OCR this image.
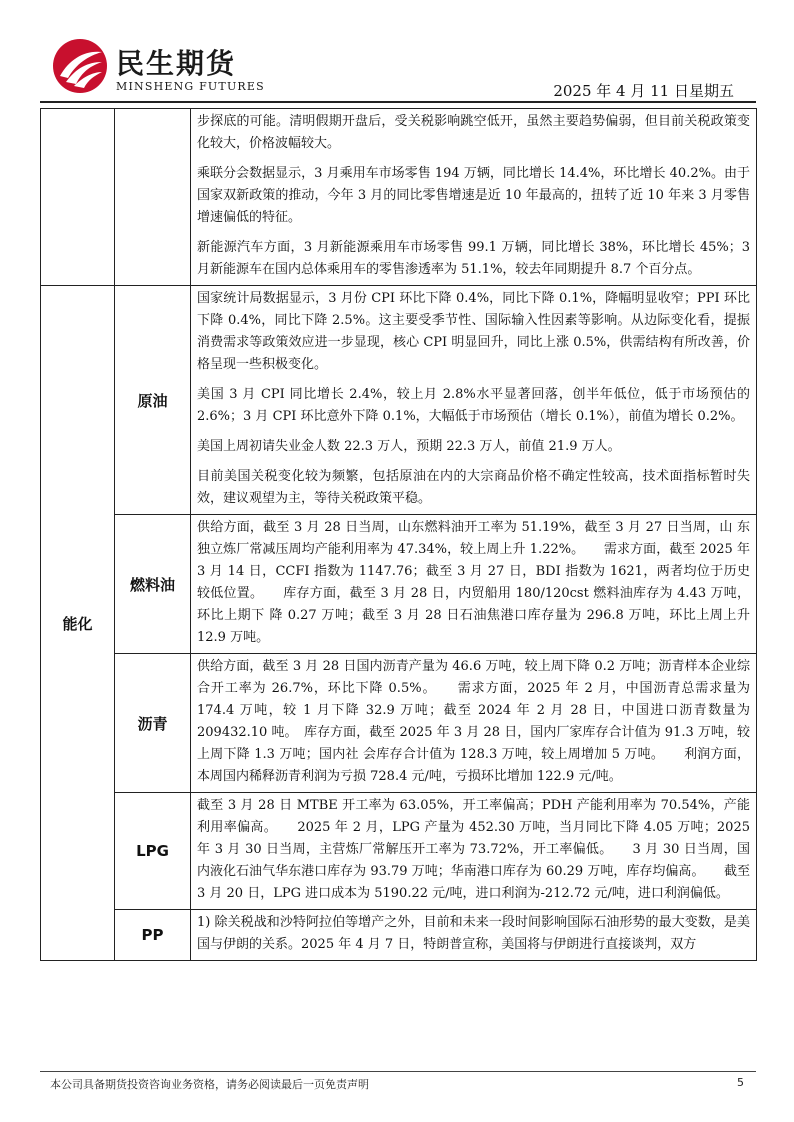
民生期货
MINSHENG FUTURES	2025 年 4 月 11 日星期五

		步探底的可能。清明假期开盘后，受关税影响跳空低开，虽然主要趋势偏弱，但目前关税政策变化较大，价格波幅较大。

乘联分会数据显示，3 月乘用车市场零售 194 万辆，同比增长 14.4%，环比增长 40.2%。由于国家双新政策的推动，今年 3 月的同比零售增速是近 10 年最高的，扭转了近 10 年来 3 月零售增速偏低的特征。

新能源汽车方面，3 月新能源乘用车市场零售 99.1 万辆，同比增长 38%，环比增长 45%；3 月新能源车在国内总体乘用车的零售渗透率为 51.1%，较去年同期提升 8.7 个百分点。

能化	原油	国家统计局数据显示，3 月份 CPI 环比下降 0.4%，同比下降 0.1%，降幅明显收窄；PPI 环比下降 0.4%，同比下降 2.5%。这主要受季节性、国际输入性因素等影响。从边际变化看，提振消费需求等政策效应进一步显现，核心 CPI 明显回升，同比上涨 0.5%，供需结构有所改善，价格呈现一些积极变化。

美国 3 月 CPI 同比增长 2.4%，较上月 2.8%水平显著回落，创半年低位，低于市场预估的 2.6%；3 月 CPI 环比意外下降 0.1%，大幅低于市场预估（增长 0.1%），前值为增长 0.2%。

美国上周初请失业金人数 22.3 万人，预期 22.3 万人，前值 21.9 万人。

目前美国关税变化较为频繁，包括原油在内的大宗商品价格不确定性较高，技术面指标暂时失效，建议观望为主，等待关税政策平稳。

	燃料油	供给方面，截至 3 月 28 日当周，山东燃料油开工率为 51.19%，截至 3 月 27 日当周，山 东独立炼厂常减压周均产能利用率为 47.34%，较上周上升 1.22%。　　需求方面，截至 2025 年 3 月 14 日，CCFI 指数为 1147.76；截至 3 月 27 日，BDI 指数为 1621，两者均位于历史较低位置。　　库存方面，截至 3 月 28 日，内贸船用 180/120cst 燃料油库存为 4.43 万吨，环比上期下 降 0.27 万吨；截至 3 月 28 日石油焦港口库存量为 296.8 万吨，环比上周上升 12.9 万吨。

	沥青	供给方面，截至 3 月 28 日国内沥青产量为 46.6 万吨，较上周下降 0.2 万吨；沥青样本企业综合开工率为 26.7%，环比下降 0.5%。　　需求方面，2025 年 2 月，中国沥青总需求量为 174.4 万吨，较 1 月下降 32.9 万吨；截至 2024 年 2 月 28 日，中国进口沥青数量为 209432.10 吨。　库存方面，截至 2025 年 3 月 28 日，国内厂家库存合计值为 91.3 万吨，较上周下降 1.3 万吨；国内社 会库存合计值为 128.3 万吨，较上周增加 5 万吨。　　利润方面，本周国内稀释沥青利润为亏损 728.4 元/吨，亏损环比增加 122.9 元/吨。

	LPG	截至 3 月 28 日 MTBE 开工率为 63.05%，开工率偏高；PDH 产能利用率为 70.54%，产能利用率偏高。　　2025 年 2 月，LPG 产量为 452.30 万吨，当月同比下降 4.05 万吨；2025 年 3 月 30 日当周，主营炼厂常解压开工率为 73.72%，开工率偏低。　　3 月 30 日当周，国内液化石油气华东港口库存为 93.79 万吨；华南港口库存为 60.29 万吨，库存均偏高。　　截至 3 月 20 日，LPG 进口成本为 5190.22 元/吨，进口利润为-212.72 元/吨，进口利润偏低。

	PP	1) 除关税战和沙特阿拉伯等增产之外，目前和未来一段时间影响国际石油形势的最大变数，是美国与伊朗的关系。2025 年 4 月 7 日，特朗普宣称，美国将与伊朗进行直接谈判，双方

本公司具备期货投资咨询业务资格，请务必阅读最后一页免责声明	5
